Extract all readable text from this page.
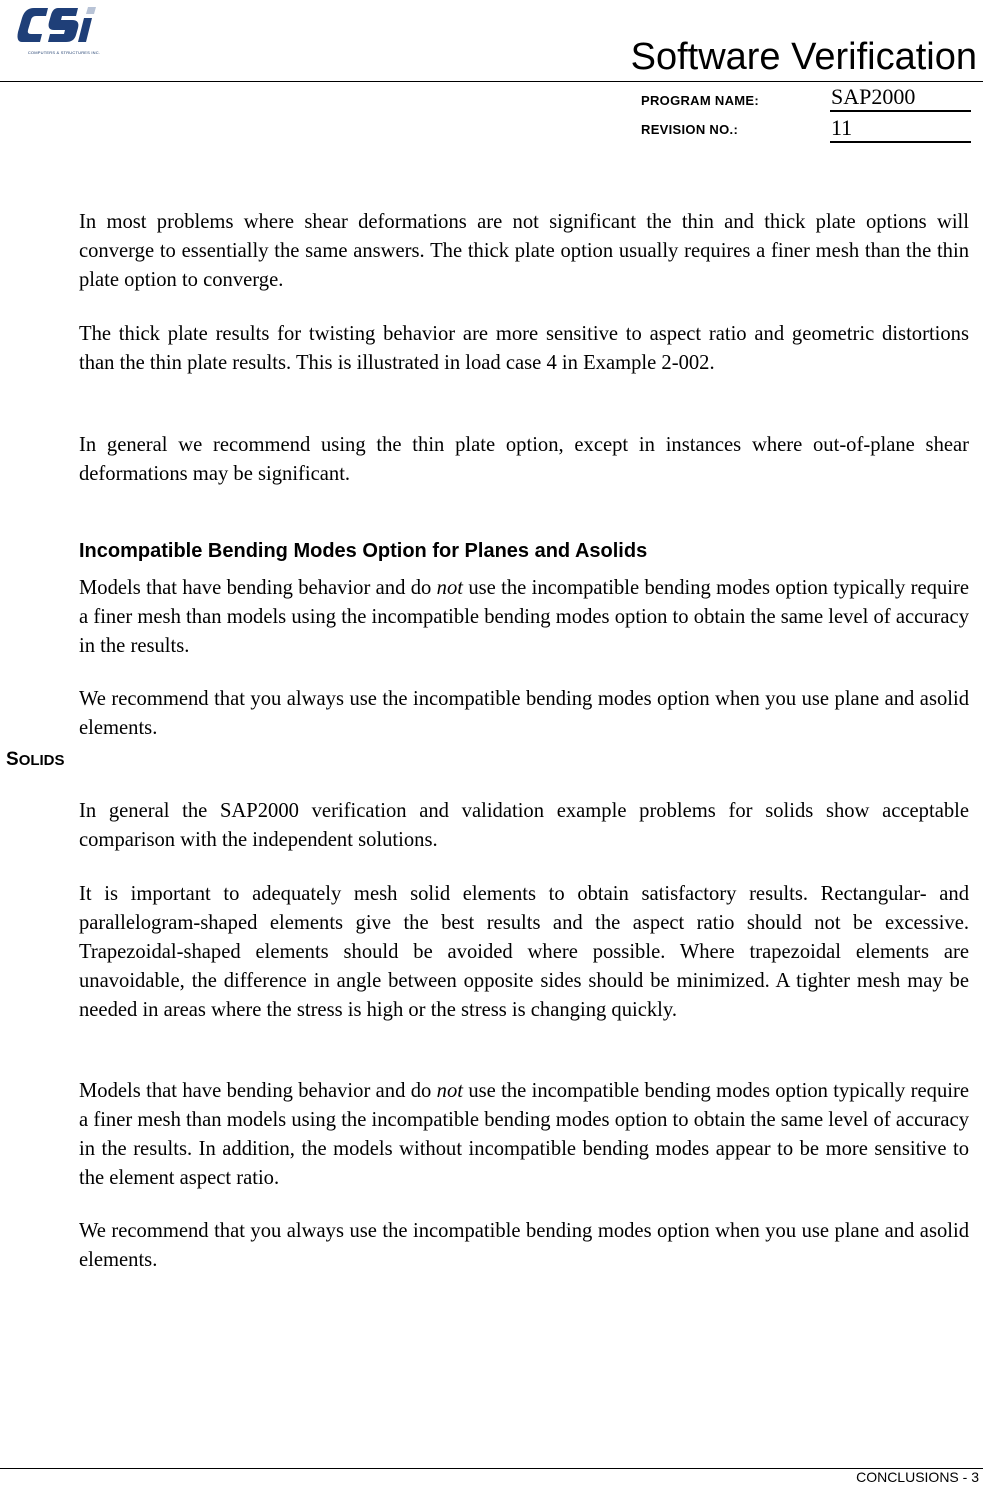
COMPUTERS & STRUCTURES INC.	Software Verification
PROGRAM NAME:	SAP2000
REVISION NO.:	11

In most problems where shear deformations are not significant the thin and thick plate options will converge to essentially the same answers. The thick plate option usually requires a finer mesh than the thin plate option to converge.

The thick plate results for twisting behavior are more sensitive to aspect ratio and geometric distortions than the thin plate results. This is illustrated in load case 4 in Example 2-002.

In general we recommend using the thin plate option, except in instances where out-of-plane shear deformations may be significant.

Incompatible Bending Modes Option for Planes and Asolids

Models that have bending behavior and do not use the incompatible bending modes option typically require a finer mesh than models using the incompatible bending modes option to obtain the same level of accuracy in the results.

We recommend that you always use the incompatible bending modes option when you use plane and asolid elements.

SOLIDS

In general the SAP2000 verification and validation example problems for solids show acceptable comparison with the independent solutions.

It is important to adequately mesh solid elements to obtain satisfactory results. Rectangular- and parallelogram-shaped elements give the best results and the aspect ratio should not be excessive. Trapezoidal-shaped elements should be avoided where possible. Where trapezoidal elements are unavoidable, the difference in angle between opposite sides should be minimized. A tighter mesh may be needed in areas where the stress is high or the stress is changing quickly.

Models that have bending behavior and do not use the incompatible bending modes option typically require a finer mesh than models using the incompatible bending modes option to obtain the same level of accuracy in the results. In addition, the models without incompatible bending modes appear to be more sensitive to the element aspect ratio.

We recommend that you always use the incompatible bending modes option when you use plane and asolid elements.

CONCLUSIONS - 3
